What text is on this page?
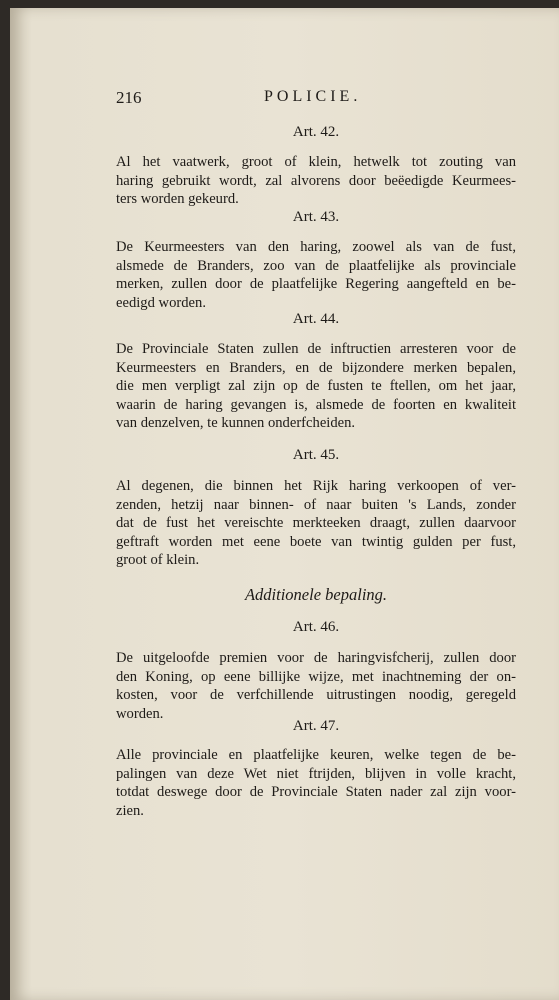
216	POLICIE.
Art. 42.
Al het vaatwerk, groot of klein, hetwelk tot zouting van
haring gebruikt wordt, zal alvorens door beëedigde Keurmees-
ters worden gekeurd.
Art. 43.
De Keurmeesters van den haring, zoowel als van de fust,
alsmede de Branders, zoo van de plaatfelijke als provinciale
merken, zullen door de plaatfelijke Regering aangefteld en be-
eedigd worden.
Art. 44.
De Provinciale Staten zullen de inftructien arresteren voor de
Keurmeesters en Branders, en de bijzondere merken bepalen,
die men verpligt zal zijn op de fusten te ftellen, om het jaar,
waarin de haring gevangen is, alsmede de foorten en kwaliteit
van denzelven, te kunnen onderfcheiden.
Art. 45.
Al degenen, die binnen het Rijk haring verkoopen of ver-
zenden, hetzij naar binnen- of naar buiten 's Lands, zonder
dat de fust het vereischte merkteeken draagt, zullen daarvoor
geftraft worden met eene boete van twintig gulden per fust,
groot of klein.
Additionele bepaling.
Art. 46.
De uitgeloofde premien voor de haringvisfcherij, zullen door
den Koning, op eene billijke wijze, met inachtneming der on-
kosten, voor de verfchillende uitrustingen noodig, geregeld
worden.
Art. 47.
Alle provinciale en plaatfelijke keuren, welke tegen de be-
palingen van deze Wet niet ftrijden, blijven in volle kracht,
totdat deswege door de Provinciale Staten nader zal zijn voor-
zien.
